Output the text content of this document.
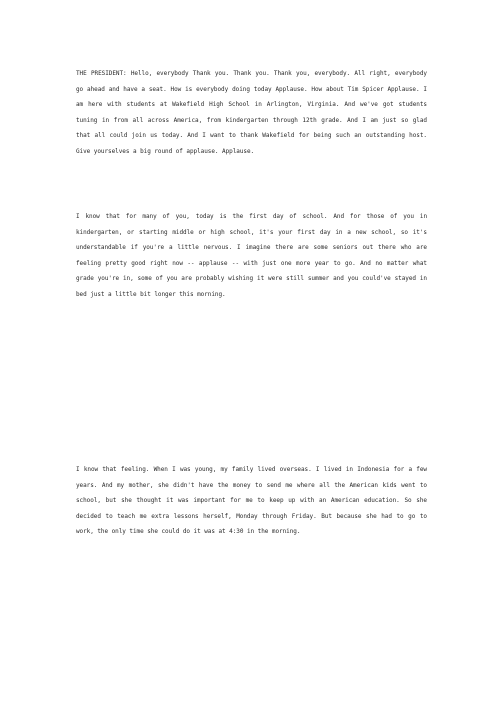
THE PRESIDENT: Hello, everybody Thank you. Thank you. Thank you, everybody. All right, everybody go ahead and have a seat. How is everybody doing today Applause. How about Tim Spicer Applause. I am here with students at Wakefield High School in Arlington, Virginia. And we've got students tuning in from all across America, from kindergarten through 12th grade. And I am just so glad that all could join us today. And I want to thank Wakefield for being such an outstanding host. Give yourselves a big round of applause. Applause.

I know that for many of you, today is the first day of school. And for those of you in kindergarten, or starting middle or high school, it's your first day in a new school, so it's understandable if you're a little nervous. I imagine there are some seniors out there who are feeling pretty good right now -- applause -- with just one more year to go. And no matter what grade you're in, some of you are probably wishing it were still summer and you could've stayed in bed just a little bit longer this morning.

I know that feeling. When I was young, my family lived overseas. I lived in Indonesia for a few years. And my mother, she didn't have the money to send me where all the American kids went to school, but she thought it was important for me to keep up with an American education. So she decided to teach me extra lessons herself, Monday through Friday. But because she had to go to work, the only time she could do it was at 4:30 in the morning.
